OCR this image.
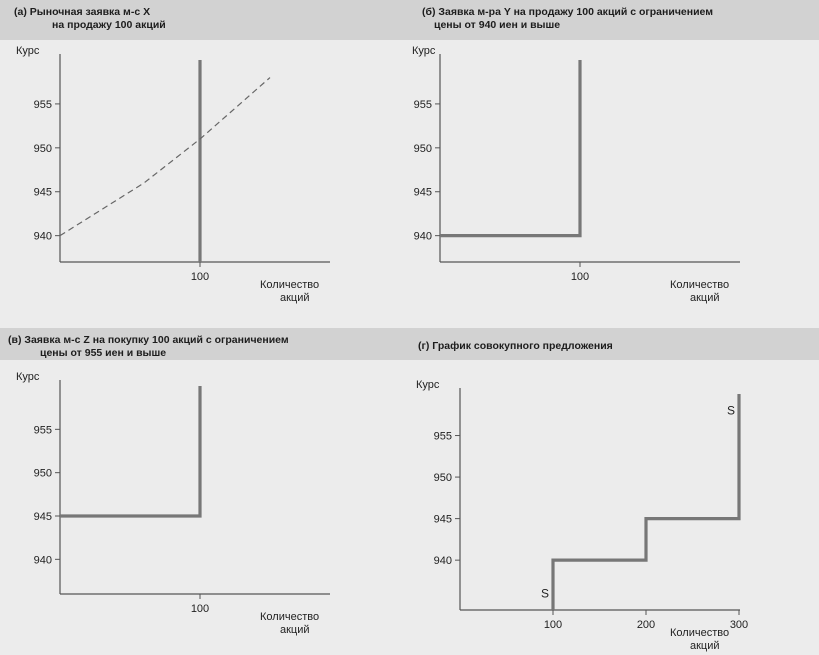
(а) Рыночная заявка м-с X
на продажу 100 акций
Курс
940
945
950
955
100
Количество
акций
(б) Заявка м-ра Y на продажу 100 акций с ограничением
цены от 940 иен и выше
Курс
940
945
950
955
100
Количество
акций
(в) Заявка м-с Z на покупку 100 акций с ограничением
цены от 955 иен и выше
Курс
940
945
950
955
100
Количество
акций
(г) График совокупного предложения
Курс
940
945
950
955
100	200	300
Количество
акций
S
S
